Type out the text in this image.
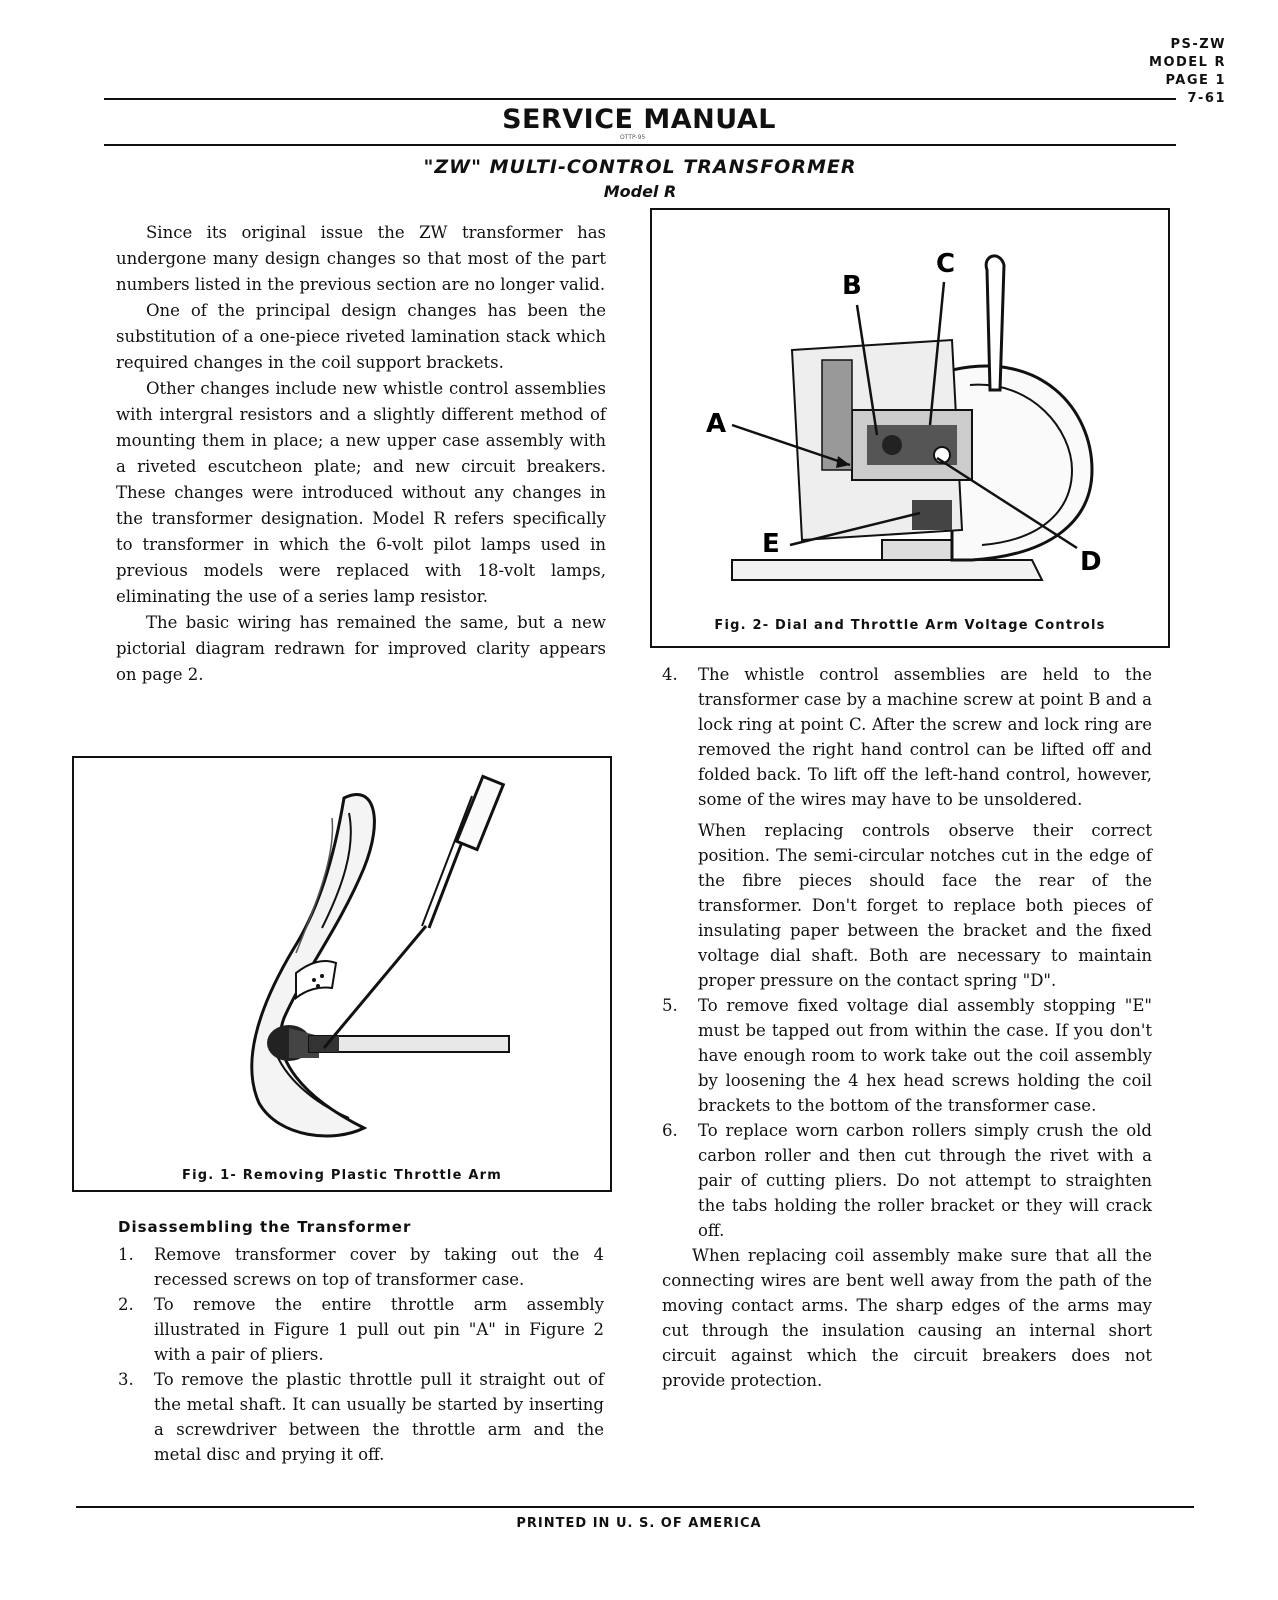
PS-ZW
MODEL R
PAGE 1
7-61
SERVICE MANUAL
OTTP-95
"ZW" MULTI-CONTROL TRANSFORMER
Model R

Since its original issue the ZW transformer has undergone many design changes so that most of the part numbers listed in the previous section are no longer valid.

One of the principal design changes has been the substitution of a one-piece riveted lamination stack which required changes in the coil support brackets.

Other changes include new whistle control assemblies with intergral resistors and a slightly different method of mounting them in place; a new upper case assembly with a riveted escutcheon plate; and new circuit breakers. These changes were introduced without any changes in the transformer designation. Model R refers specifically to transformer in which the 6-volt pilot lamps used in previous models were replaced with 18-volt lamps, eliminating the use of a series lamp resistor.

The basic wiring has remained the same, but a new pictorial diagram redrawn for improved clarity appears on page 2.

Fig. 1- Removing Plastic Throttle Arm
Disassembling the Transformer
1. Remove transformer cover by taking out the 4 recessed screws on top of transformer case.
2. To remove the entire throttle arm assembly illustrated in Figure 1 pull out pin "A" in Figure 2 with a pair of pliers.
3. To remove the plastic throttle pull it straight out of the metal shaft. It can usually be started by inserting a screwdriver between the throttle arm and the metal disc and prying it off.
A
B
C
D
E
Fig. 2- Dial and Throttle Arm Voltage Controls
4. The whistle control assemblies are held to the transformer case by a machine screw at point B and a lock ring at point C. After the screw and lock ring are removed the right hand control can be lifted off and folded back. To lift off the left-hand control, however, some of the wires may have to be unsoldered.
When replacing controls observe their correct position. The semi-circular notches cut in the edge of the fibre pieces should face the rear of the transformer. Don't forget to replace both pieces of insulating paper between the bracket and the fixed voltage dial shaft. Both are necessary to maintain proper pressure on the contact spring "D".
5. To remove fixed voltage dial assembly stopping "E" must be tapped out from within the case. If you don't have enough room to work take out the coil assembly by loosening the 4 hex head screws holding the coil brackets to the bottom of the transformer case.
6. To replace worn carbon rollers simply crush the old carbon roller and then cut through the rivet with a pair of cutting pliers. Do not attempt to straighten the tabs holding the roller bracket or they will crack off.

When replacing coil assembly make sure that all the connecting wires are bent well away from the path of the moving contact arms. The sharp edges of the arms may cut through the insulation causing an internal short circuit against which the circuit breakers does not provide protection.

PRINTED IN U. S. OF AMERICA
